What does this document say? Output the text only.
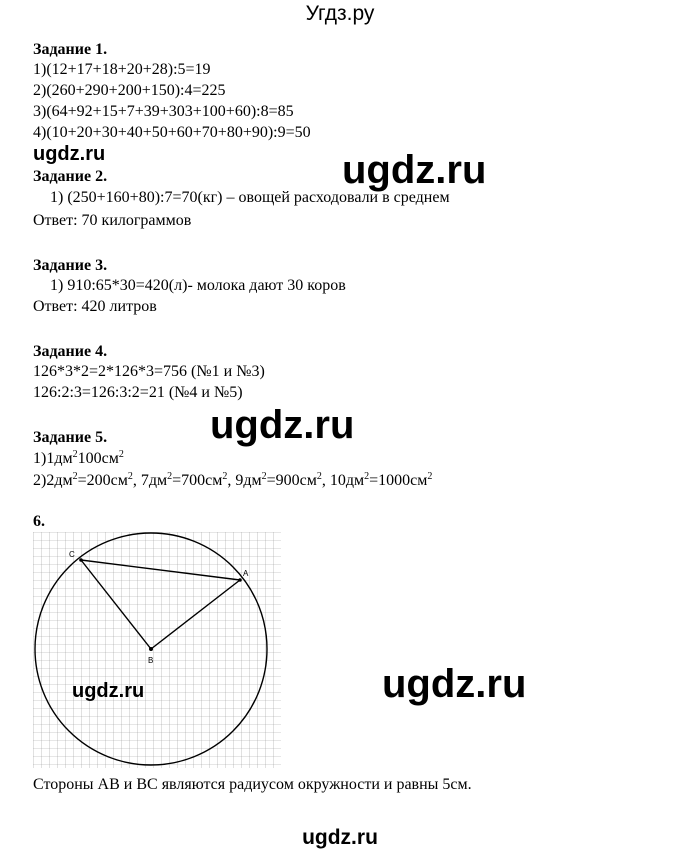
Угдз.ру
Задание 1.
1)(12+17+18+20+28):5=19
2)(260+290+200+150):4=225
3)(64+92+15+7+39+303+100+60):8=85
4)(10+20+30+40+50+60+70+80+90):9=50
ugdz.ru	ugdz.ru
Задание 2.
1) (250+160+80):7=70(кг) – овощей расходовали в среднем
Ответ: 70 килограммов
Задание 3.
1) 910:65*30=420(л)- молока дают 30 коров
Ответ: 420 литров
Задание 4.
126*3*2=2*126*3=756 (№1 и №3)
126:2:3=126:3:2=21 (№4 и №5)
ugdz.ru
Задание 5.
$1)1дм^2100см^2$
$2)2дм^2=200см^2$, $7дм^2=700см^2$, $9дм^2=900см^2$, $10дм^2=1000см^2$
6.
A
B
C
ugdz.ru	ugdz.ru
Стороны АВ и ВС являются радиусом окружности и равны 5см.
ugdz.ru
